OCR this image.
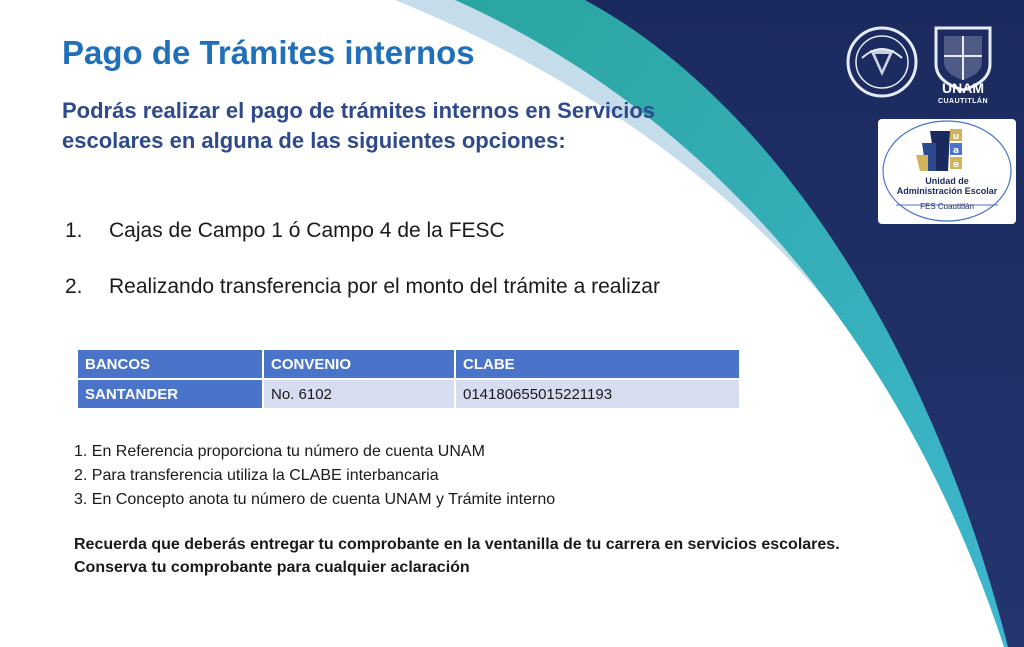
Pago de Trámites internos

Podrás realizar el pago de trámites internos en Servicios escolares en alguna de las siguientes opciones:

1. Cajas de Campo 1 ó Campo 4 de la FESC
2. Realizando transferencia por el monto del trámite a realizar
BANCOS	CONVENIO	CLABE
SANTANDER	No. 6102	014180655015221193
1. En Referencia proporciona tu número de cuenta UNAM
2. Para transferencia utiliza la CLABE interbancaria
3. En Concepto anota tu número de cuenta UNAM y Trámite interno

Recuerda que deberás entregar tu comprobante en la ventanilla de tu carrera en servicios escolares.

Conserva tu comprobante para cualquier aclaración

UNAM
CUAUTITLÁN
u
a
e
Unidad de
Administración Escolar
FES Cuautitlán
